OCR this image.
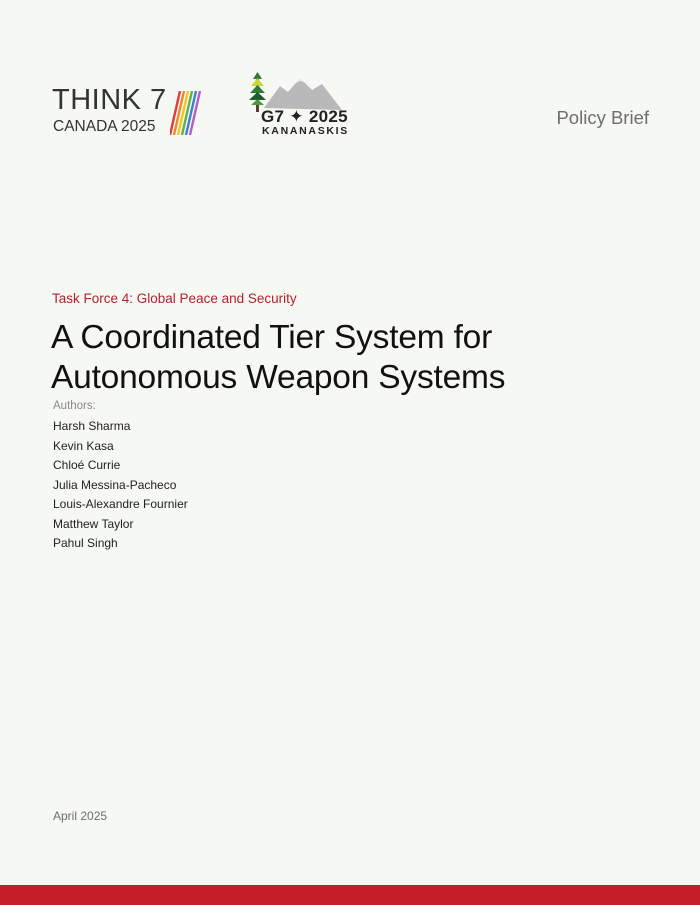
THINK 7
CANADA 2025
G7 ✦ 2025
KANANASKIS
Policy Brief
Task Force 4: Global Peace and Security
A Coordinated Tier System for Autonomous Weapon Systems
Authors:
Harsh Sharma
Kevin Kasa
Chloé Currie
Julia Messina-Pacheco
Louis-Alexandre Fournier
Matthew Taylor
Pahul Singh
April 2025
